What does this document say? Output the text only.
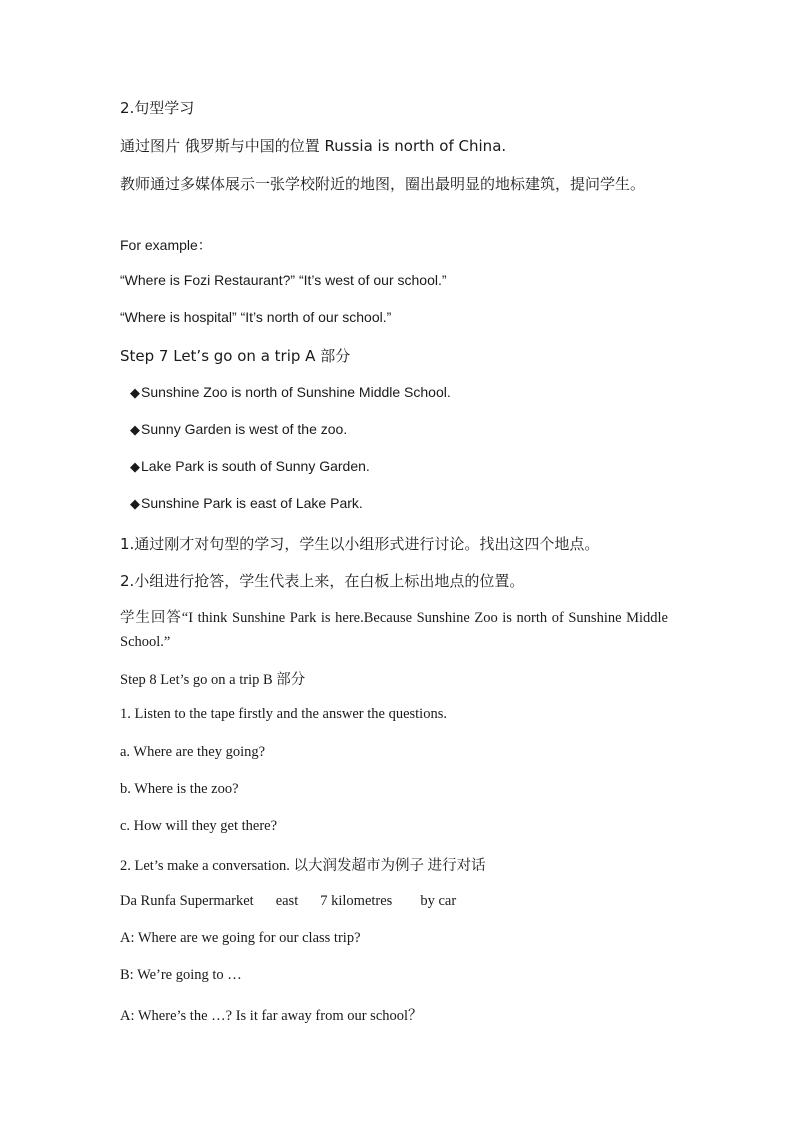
2.句型学习
通过图片 俄罗斯与中国的位置 Russia is north of China.
教师通过多媒体展示一张学校附近的地图，圈出最明显的地标建筑，提问学生。
For example：
“Where is Fozi Restaurant?” “It’s west of our school.”
“Where is hospital” “It’s north of our school.”
Step 7 Let’s go on a trip A 部分
◆Sunshine Zoo is north of Sunshine Middle School.
◆Sunny Garden is west of the zoo.
◆Lake Park is south of Sunny Garden.
◆Sunshine Park is east of Lake Park.
1.通过刚才对句型的学习，学生以小组形式进行讨论。找出这四个地点。
2.小组进行抢答，学生代表上来，在白板上标出地点的位置。
学生回答“I think Sunshine Park is here.Because Sunshine Zoo is north of Sunshine Middle School.”
Step 8 Let’s go on a trip B 部分
1. Listen to the tape firstly and the answer the questions.
a. Where are they going?
b. Where is the zoo?
c. How will they get there?
2. Let’s make a conversation. 以大润发超市为例子 进行对话
Da Runfa Supermarket east 7 kilometres by car
A: Where are we going for our class trip?
B: We’re going to …
A: Where’s the …? Is it far away from our school？
